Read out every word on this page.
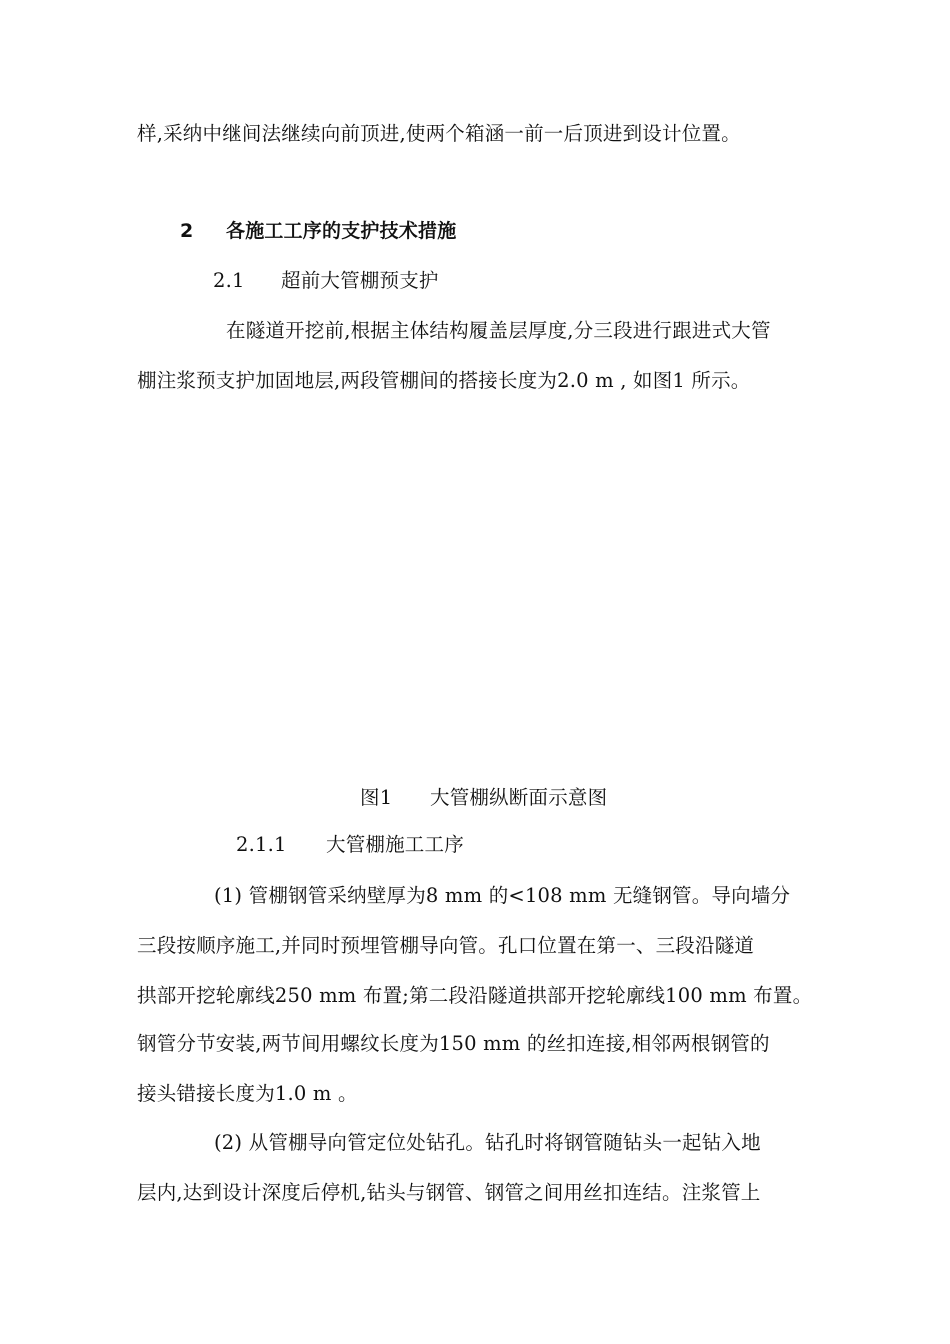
样,采纳中继间法继续向前顶进,使两个箱涵一前一后顶进到设计位置。
2 各施工工序的支护技术措施
2.1 超前大管棚预支护
在隧道开挖前,根据主体结构履盖层厚度,分三段进行跟进式大管
棚注浆预支护加固地层,两段管棚间的搭接长度为2.0 m , 如图1 所示。
图1 大管棚纵断面示意图
2.1.1 大管棚施工工序
(1) 管棚钢管采纳壁厚为8 mm 的<108 mm 无缝钢管。导向墙分
三段按顺序施工,并同时预埋管棚导向管。孔口位置在第一、三段沿隧道
拱部开挖轮廓线250 mm 布置;第二段沿隧道拱部开挖轮廓线100 mm 布置。
钢管分节安装,两节间用螺纹长度为150 mm 的丝扣连接,相邻两根钢管的
接头错接长度为1.0 m 。
(2) 从管棚导向管定位处钻孔。钻孔时将钢管随钻头一起钻入地
层内,达到设计深度后停机,钻头与钢管、钢管之间用丝扣连结。注浆管上
